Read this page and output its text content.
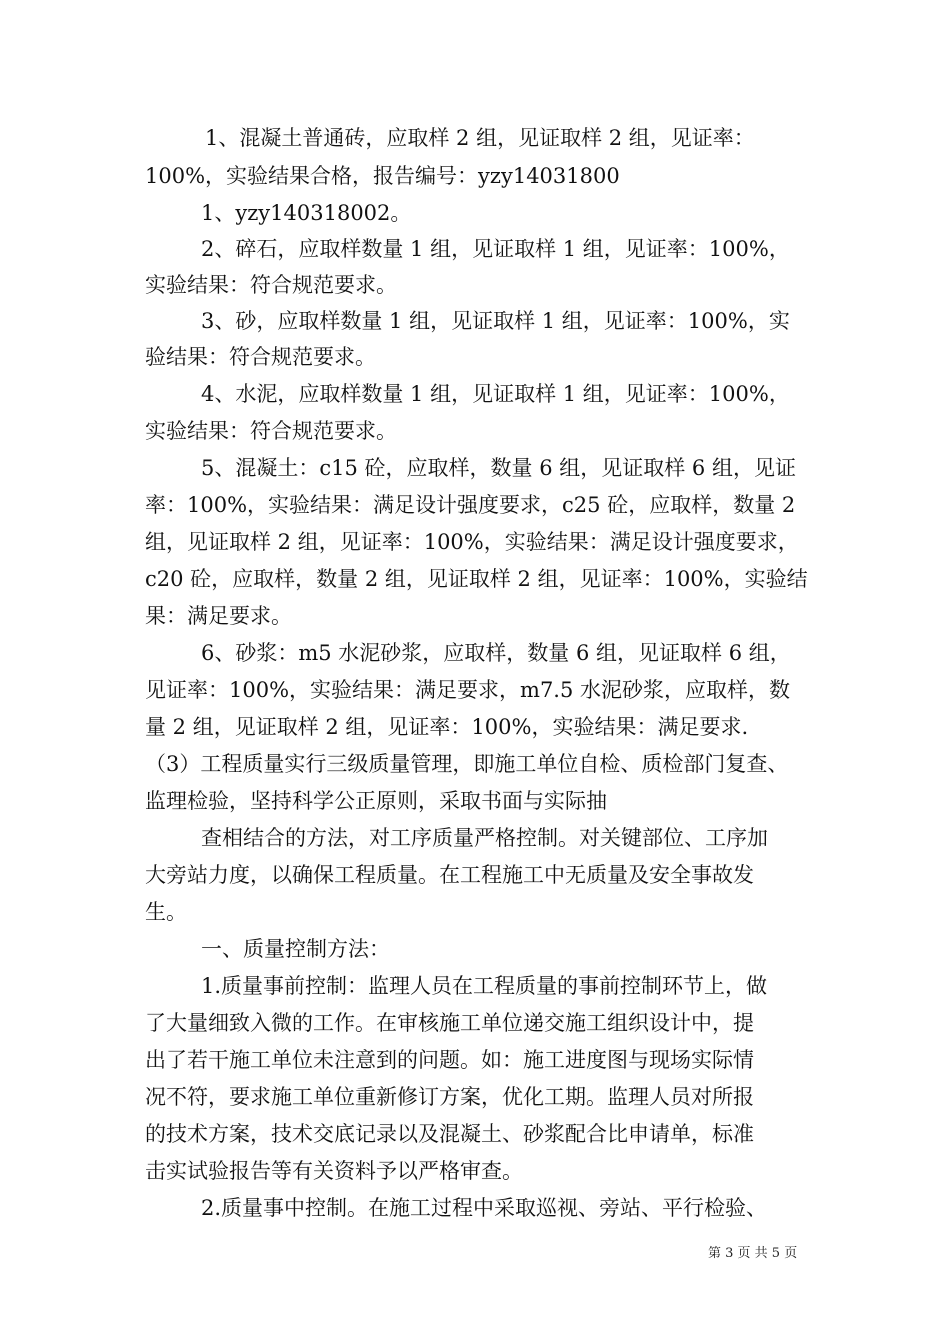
1、混凝土普通砖，应取样 2 组，见证取样 2 组，见证率：
100%，实验结果合格，报告编号：yzy14031800
1、yzy140318002。
2、碎石，应取样数量 1 组，见证取样 1 组，见证率：100%，
实验结果：符合规范要求。
3、砂，应取样数量 1 组，见证取样 1 组，见证率：100%，实
验结果：符合规范要求。
4、水泥，应取样数量 1 组，见证取样 1 组，见证率：100%，
实验结果：符合规范要求。
5、混凝土：c15 砼，应取样，数量 6 组，见证取样 6 组，见证
率：100%，实验结果：满足设计强度要求，c25 砼，应取样，数量 2
组，见证取样 2 组，见证率：100%，实验结果：满足设计强度要求，
c20 砼，应取样，数量 2 组，见证取样 2 组，见证率：100%，实验结
果：满足要求。
6、砂浆：m5 水泥砂浆，应取样，数量 6 组，见证取样 6 组，
见证率：100%，实验结果：满足要求，m7.5 水泥砂浆，应取样，数
量 2 组，见证取样 2 组，见证率：100%，实验结果：满足要求.
（3）工程质量实行三级质量管理，即施工单位自检、质检部门复查、
监理检验，坚持科学公正原则，采取书面与实际抽
查相结合的方法，对工序质量严格控制。对关键部位、工序加
大旁站力度，以确保工程质量。在工程施工中无质量及安全事故发
生。
一、质量控制方法：
1.质量事前控制：监理人员在工程质量的事前控制环节上，做
了大量细致入微的工作。在审核施工单位递交施工组织设计中，提
出了若干施工单位未注意到的问题。如：施工进度图与现场实际情
况不符，要求施工单位重新修订方案，优化工期。监理人员对所报
的技术方案，技术交底记录以及混凝土、砂浆配合比申请单，标准
击实试验报告等有关资料予以严格审查。
2.质量事中控制。在施工过程中采取巡视、旁站、平行检验、
第 3 页 共 5 页
